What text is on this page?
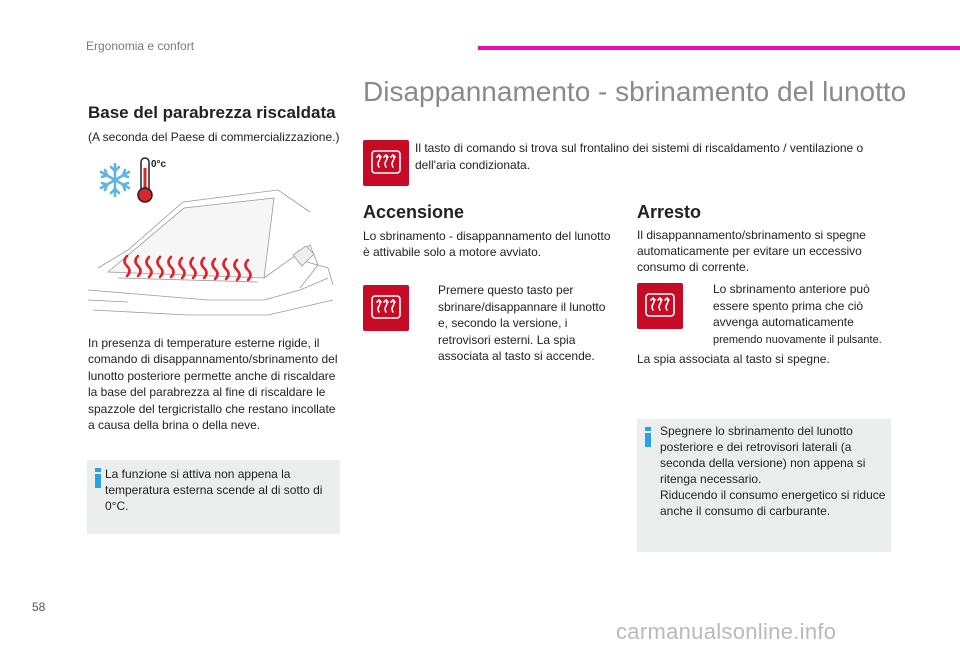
Ergonomia e confort
Base del parabrezza riscaldata
(A seconda del Paese di commercializzazione.)
0°c
In presenza di temperature esterne rigide, il comando di disappannamento/sbrinamento del lunotto posteriore permette anche di riscaldare la base del parabrezza al fine di riscaldare le spazzole del tergicristallo che restano incollate a causa della brina o della neve.
La funzione si attiva non appena la temperatura esterna scende al di sotto di 0°C.
Disappannamento - sbrinamento del lunotto
Il tasto di comando si trova sul frontalino dei sistemi di riscaldamento / ventilazione o dell'aria condizionata.
Accensione
Lo sbrinamento - disappannamento del lunotto è attivabile solo a motore avviato.
Premere questo tasto per sbrinare/disappannare il lunotto e, secondo la versione, i retrovisori esterni. La spia associata al tasto si accende.
Arresto
Il disappannamento/sbrinamento si spegne automaticamente per evitare un eccessivo consumo di corrente.
Lo sbrinamento anteriore può essere spento prima che ciò avvenga automaticamente
premendo nuovamente il pulsante.
La spia associata al tasto si spegne.
Spegnere lo sbrinamento del lunotto posteriore e dei retrovisori laterali (a seconda della versione) non appena si ritenga necessario.
Riducendo il consumo energetico si riduce anche il consumo di carburante.
58
carmanualsonline.info
